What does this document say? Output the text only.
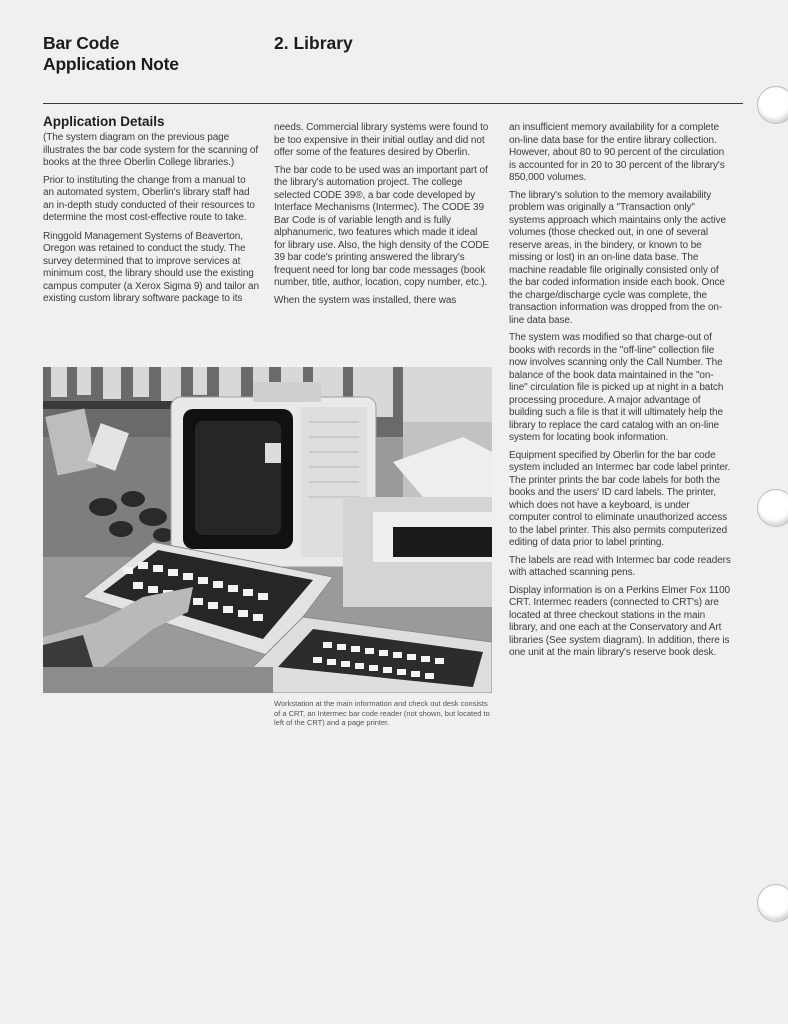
Bar Code
Application Note
2. Library
Application Details

(The system diagram on the previous page illustrates the bar code system for the scanning of books at the three Oberlin College libraries.)

Prior to instituting the change from a manual to an automated system, Oberlin's library staff had an in-depth study conducted of their resources to determine the most cost-effective route to take.

Ringgold Management Systems of Beaverton, Oregon was retained to conduct the study. The survey determined that to improve services at minimum cost, the library should use the existing campus computer (a Xerox Sigma 9) and tailor an existing custom library software package to its

needs. Commercial library systems were found to be too expensive in their initial outlay and did not offer some of the features desired by Oberlin.

The bar code to be used was an important part of the library's automation project. The college selected CODE 39®, a bar code developed by Interface Mechanisms (Intermec). The CODE 39 Bar Code is of variable length and is fully alphanumeric, two features which made it ideal for library use. Also, the high density of the CODE 39 bar code's printing answered the library's frequent need for long bar code messages (book number, title, author, location, copy number, etc.).

When the system was installed, there was

an insufficient memory availability for a complete on-line data base for the entire library collection. However, about 80 to 90 percent of the circulation is accounted for in 20 to 30 percent of the library's 850,000 volumes.

The library's solution to the memory availability problem was originally a "Transaction only" systems approach which maintains only the active volumes (those checked out, in one of several reserve areas, in the bindery, or known to be missing or lost) in an on-line data base. The machine readable file originally consisted only of the bar coded information inside each book. Once the charge/discharge cycle was complete, the transaction information was dropped from the on-line data base.

The system was modified so that charge-out of books with records in the "off-line" collection file now involves scanning only the Call Number. The balance of the book data maintained in the "on-line" circulation file is picked up at night in a batch processing procedure. A major advantage of building such a file is that it will ultimately help the library to replace the card catalog with an on-line system for locating book information.

Equipment specified by Oberlin for the bar code system included an Intermec bar code label printer. The printer prints the bar code labels for both the books and the users' ID card labels. The printer, which does not have a keyboard, is under computer control to eliminate unauthorized access to the label printer. This also permits computerized editing of data prior to label printing.

The labels are read with Intermec bar code readers with attached scanning pens.

Display information is on a Perkins Elmer Fox 1100 CRT. Intermec readers (connected to CRT's) are located at three checkout stations in the main library, and one each at the Conservatory and Art libraries (See system diagram). In addition, there is one unit at the main library's reserve book desk.

Workstation at the main information and check out desk consists of a CRT, an Intermec bar code reader (not shown, but located to left of the CRT) and a page printer.
